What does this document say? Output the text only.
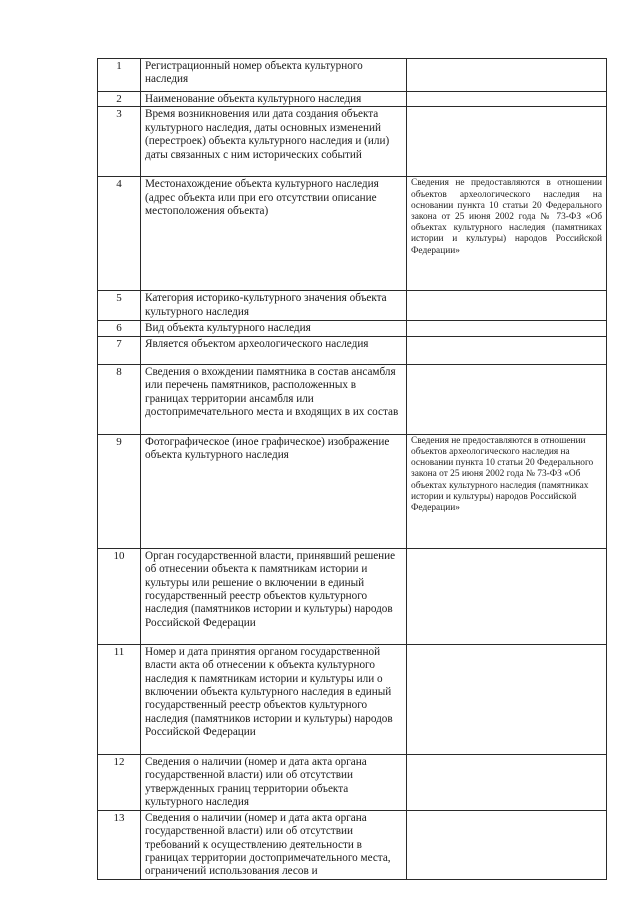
1	Регистрационный номер объекта культурного наследия	
2	Наименование объекта культурного наследия	
3	Время возникновения или дата создания объекта культурного наследия, даты основных изменений (перестроек) объекта культурного наследия и (или) даты связанных с ним исторических событий	
4	Местонахождение объекта культурного наследия (адрес объекта или при его отсутствии описание местоположения объекта)	Сведения не предоставляются в отношении объектов археологического наследия на основании пункта 10 статьи 20 Федерального закона от 25 июня 2002 года № 73-ФЗ «Об объектах культурного наследия (памятниках истории и культуры) народов Российской Федерации»

5	Категория историко-культурного значения объекта культурного наследия	
6	Вид объекта культурного наследия	
7	Является объектом археологического наследия	
8	Сведения о вхождении памятника в состав ансамбля или перечень памятников, расположенных в границах территории ансамбля или достопримечательного места и входящих в их состав	
9	Фотографическое (иное графическое) изображение объекта культурного наследия	Сведения не предоставляются в отношении объектов археологического наследия на основании пункта 10 статьи 20 Федерального закона от 25 июня 2002 года № 73-ФЗ «Об объектах культурного наследия (памятниках истории и культуры) народов Российской Федерации»

10	Орган государственной власти, принявший решение об отнесении объекта к памятникам истории и культуры или решение о включении в единый государственный реестр объектов культурного наследия (памятников истории и культуры) народов Российской Федерации	
11	Номер и дата принятия органом государственной власти акта об отнесении к объекта культурного наследия к памятникам истории и культуры или о включении объекта культурного наследия в единый государственный реестр объектов культурного наследия (памятников истории и культуры) народов Российской Федерации	
12	Сведения о наличии (номер и дата акта органа государственной власти) или об отсутствии утвержденных границ территории объекта культурного наследия	
13	Сведения о наличии (номер и дата акта органа государственной власти) или об отсутствии требований к осуществлению деятельности в границах территории достопримечательного места, ограничений использования лесов и	
